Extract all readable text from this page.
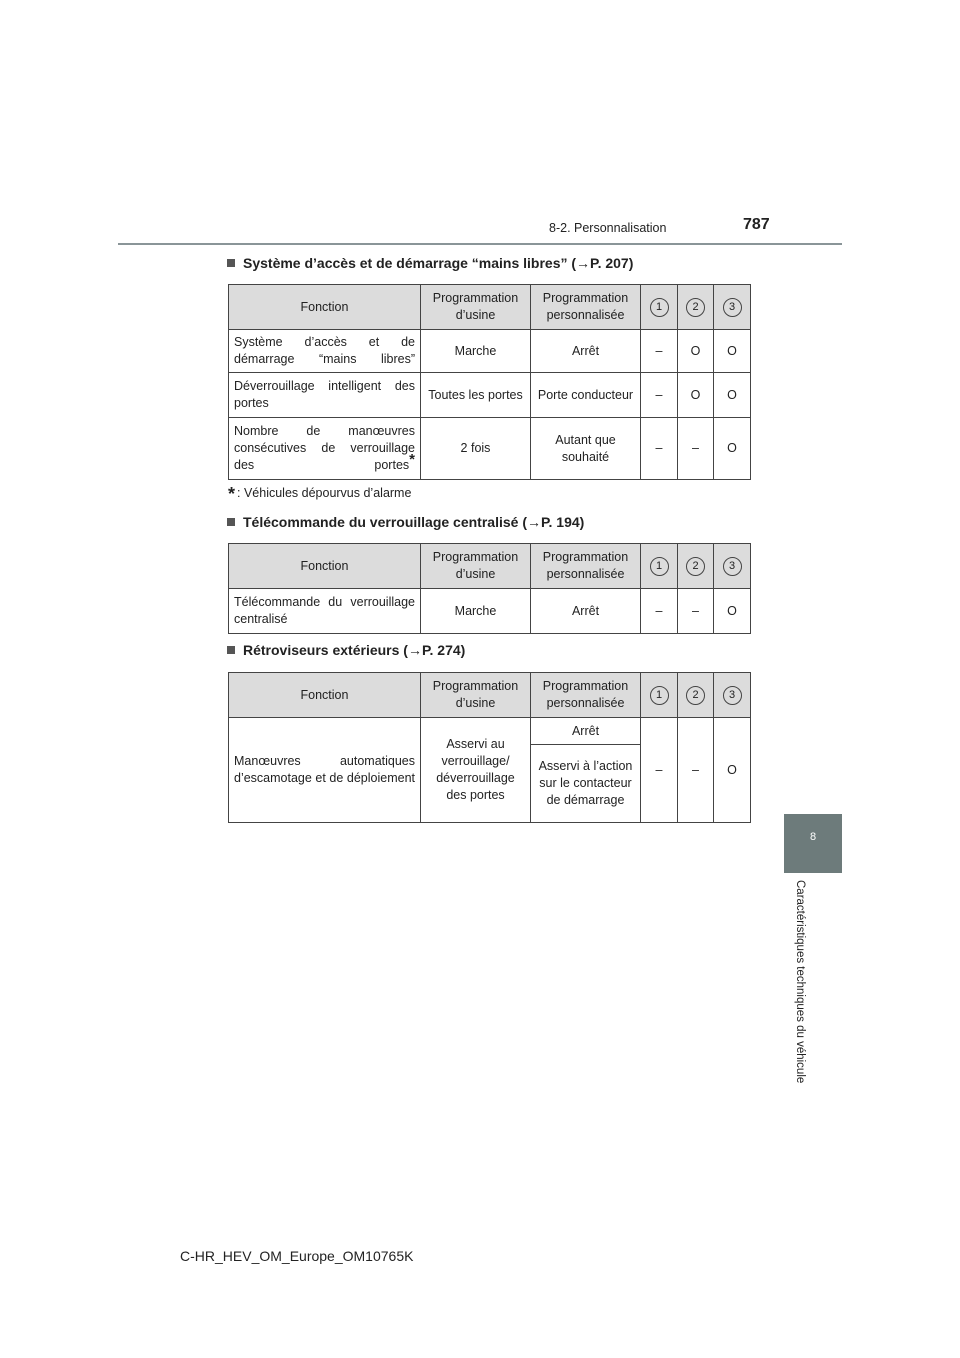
8-2. Personnalisation	787
8
Caractéristiques techniques du véhicule
Système d’accès et de démarrage “mains libres” (→P. 207)
Fonction	Programmation d’usine	Programmation personnalisée	1	2	3
Système d’accès et de démarrage “mains libres”	Marche	Arrêt	–	O	O
Déverrouillage intelligent des portes	Toutes les portes	Porte conducteur	–	O	O
Nombre de manœuvres consécutives de verrouillage des portes*	2 fois	Autant que souhaité	–	–	O
* : Véhicules dépourvus d’alarme
Télécommande du verrouillage centralisé (→P. 194)
Fonction	Programmation d’usine	Programmation personnalisée	1	2	3
Télécommande du verrouillage centralisé	Marche	Arrêt	–	–	O
Rétroviseurs extérieurs (→P. 274)
Fonction	Programmation d’usine	Programmation personnalisée	1	2	3
Manœuvres automatiques d’escamotage et de déploiement	Asservi au verrouillage/ déverrouillage des portes	Arrêt	–	–	O
		Asservi à l’action sur le contacteur de démarrage			
C-HR_HEV_OM_Europe_OM10765K
